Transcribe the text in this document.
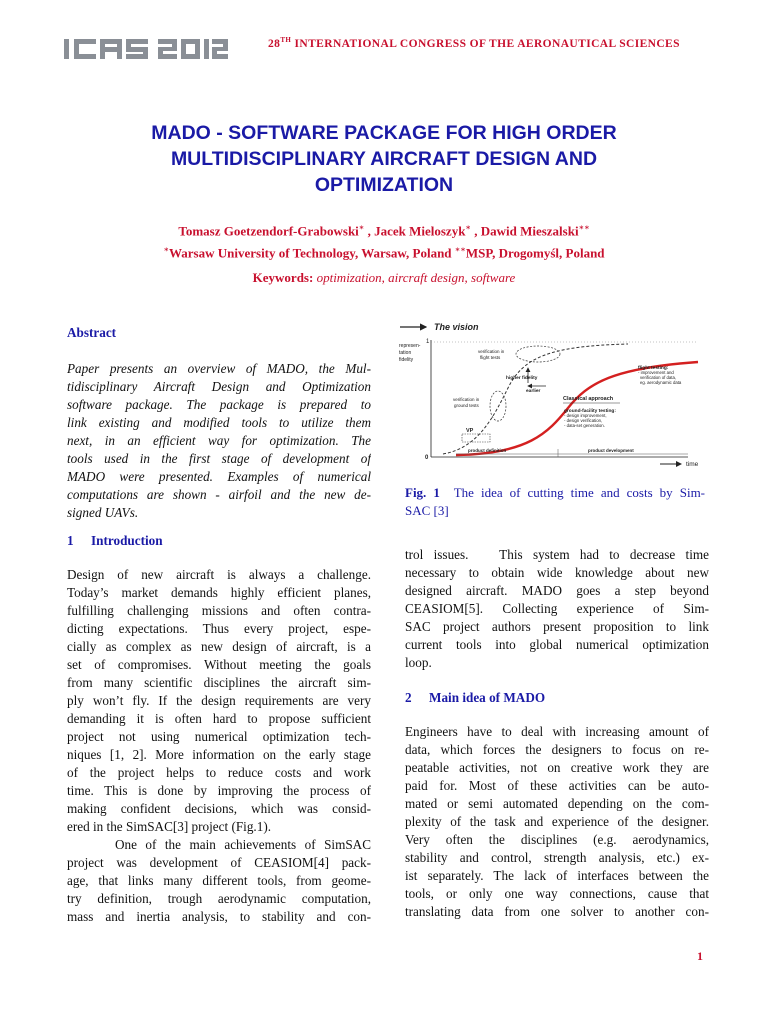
28TH INTERNATIONAL CONGRESS OF THE AERONAUTICAL SCIENCES
MADO - SOFTWARE PACKAGE FOR HIGH ORDER
MULTIDISCIPLINARY AIRCRAFT DESIGN AND
OPTIMIZATION
Tomasz Goetzendorf-Grabowski∗ , Jacek Mieloszyk∗ , Dawid Mieszalski∗∗
∗Warsaw University of Technology, Warsaw, Poland ∗∗MSP, Drogomyśl, Poland
Keywords: optimization, aircraft design, software
Abstract
Paper presents an overview of MADO, the Mul-
tidisciplinary Aircraft Design and Optimization
software package. The package is prepared to
link existing and modified tools to utilize them
next, in an efficient way for optimization. The
tools used in the first stage of development of
MADO were presented. Examples of numerical
computations are shown - airfoil and the new de-
signed UAVs.
1 Introduction
Design of new aircraft is always a challenge.
Today’s market demands highly efficient planes,
fulfilling challenging missions and often contra-
dicting expectations. Thus every project, espe-
cially as complex as new design of aircraft, is a
set of compromises. Without meeting the goals
from many scientific disciplines the aircraft sim-
ply won’t fly. If the design requirements are very
demanding it is often hard to propose sufficient
project not using numerical optimization tech-
niques [1, 2]. More information on the early stage
of the project helps to reduce costs and work
time. This is done by improving the process of
making confident decisions, which was consid-
ered in the SimSAC[3] project (Fig.1).
One of the main achievements of SimSAC
project was development of CEASIOM[4] pack-
age, that links many different tools, from geome-
try definition, trough aerodynamic computation,
mass and inertia analysis, to stability and con-
The vision
time
1
0
represen-
tation
fidelity
verification in
flight tests
verification in
ground tests
higher fidelity
earlier
VP
Classical approach
flight testing:
- improvement and
verification of data,
eg. aerodynamic data
ground-facility testing:
- design improvement,
- design verification,
- data-set generation.
product definition	product development
Fig. 1 The idea of cutting time and costs by Sim-
SAC [3]
trol issues.   This system had to decrease time
necessary to obtain wide knowledge about new
designed aircraft. MADO goes a step beyond
CEASIOM[5]. Collecting experience of Sim-
SAC project authors present proposition to link
current tools into global numerical optimization
loop.
2 Main idea of MADO
Engineers have to deal with increasing amount of
data, which forces the designers to focus on re-
peatable activities, not on creative work they are
paid for. Most of these activities can be auto-
mated or semi automated depending on the com-
plexity of the task and experience of the designer.
Very often the disciplines (e.g. aerodynamics,
stability and control, strength analysis, etc.) ex-
ist separately. The lack of interfaces between the
tools, or only one way connections, cause that
translating data from one solver to another con-
1
